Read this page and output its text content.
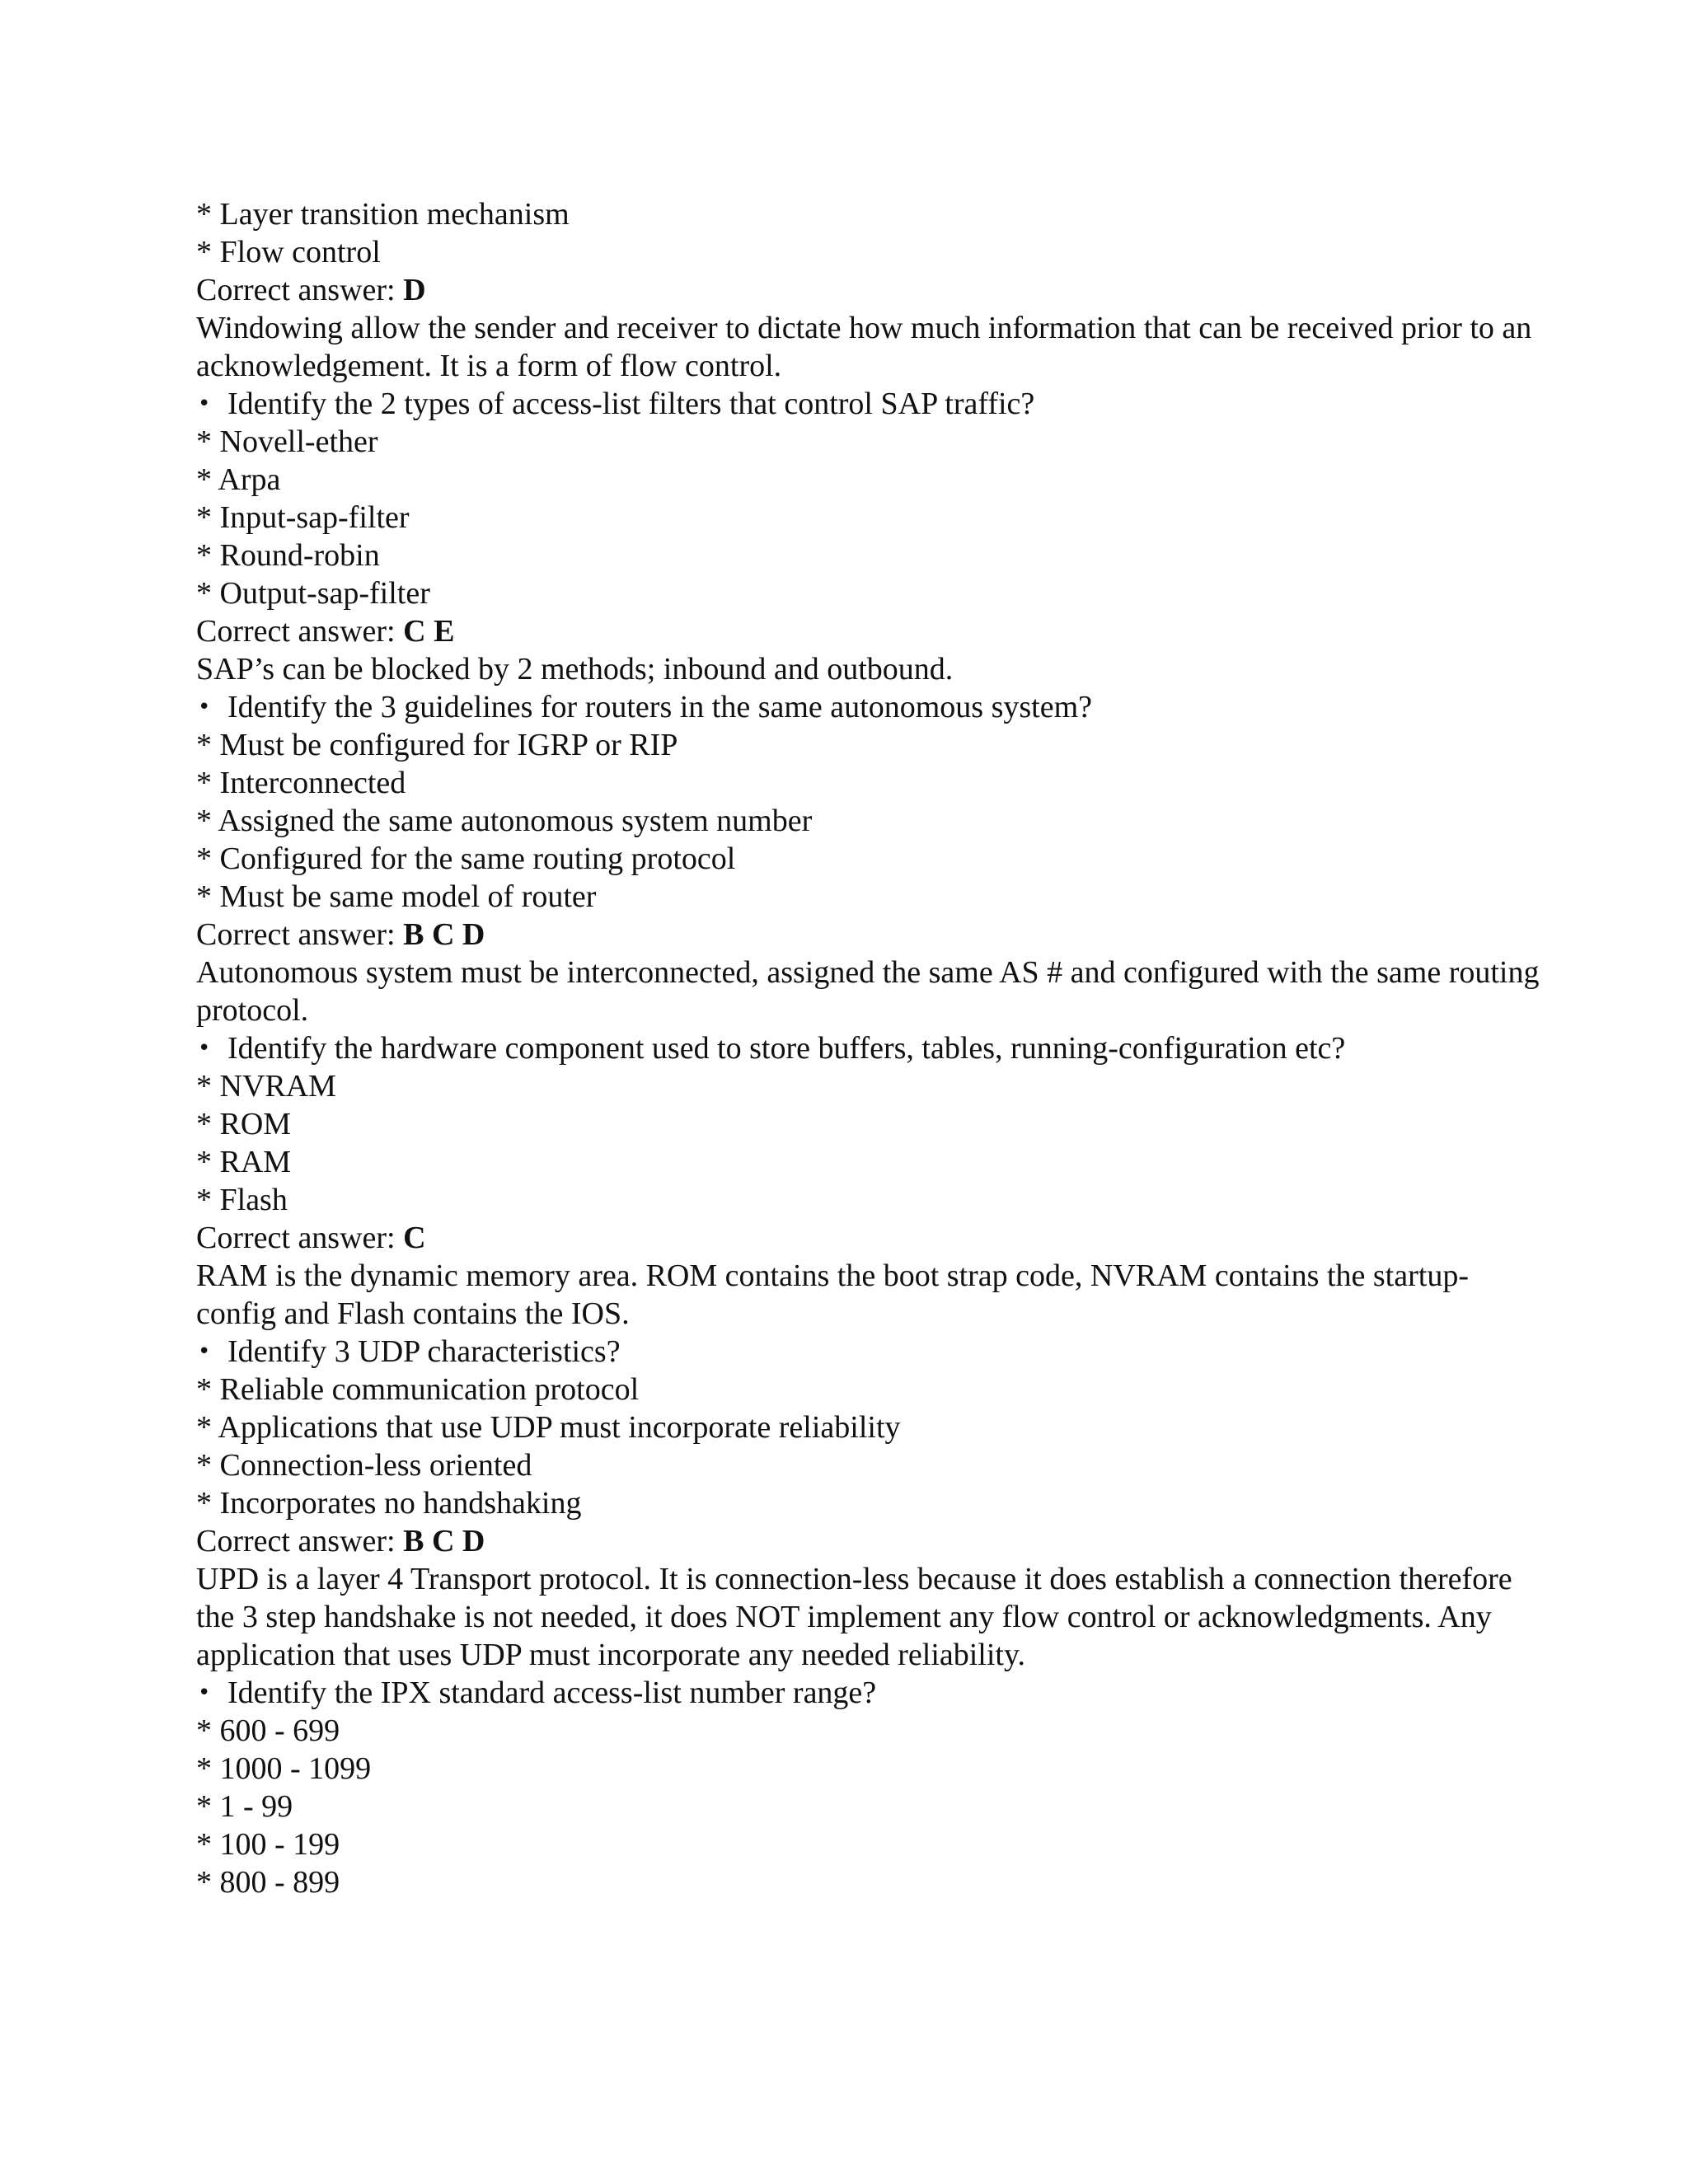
* Layer transition mechanism

* Flow control

Correct answer: D

Windowing allow the sender and receiver to dictate how much information that can be received prior to an acknowledgement. It is a form of flow control.

• Identify the 2 types of access-list filters that control SAP traffic?

* Novell-ether

* Arpa

* Input-sap-filter

* Round-robin

* Output-sap-filter

Correct answer: C E

SAP’s can be blocked by 2 methods; inbound and outbound.

• Identify the 3 guidelines for routers in the same autonomous system?

* Must be configured for IGRP or RIP

* Interconnected

* Assigned the same autonomous system number

* Configured for the same routing protocol

* Must be same model of router

Correct answer: B C D

Autonomous system must be interconnected, assigned the same AS # and configured with the same routing protocol.

• Identify the hardware component used to store buffers, tables, running-configuration etc?

* NVRAM

* ROM

* RAM

* Flash

Correct answer: C

RAM is the dynamic memory area. ROM contains the boot strap code, NVRAM contains the startup-config and Flash contains the IOS.

• Identify 3 UDP characteristics?

* Reliable communication protocol

* Applications that use UDP must incorporate reliability

* Connection-less oriented

* Incorporates no handshaking

Correct answer: B C D

UPD is a layer 4 Transport protocol. It is connection-less because it does establish a connection therefore the 3 step handshake is not needed, it does NOT implement any flow control or acknowledgments. Any application that uses UDP must incorporate any needed reliability.

• Identify the IPX standard access-list number range?

* 600 - 699

* 1000 - 1099

* 1 - 99

* 100 - 199

* 800 - 899
